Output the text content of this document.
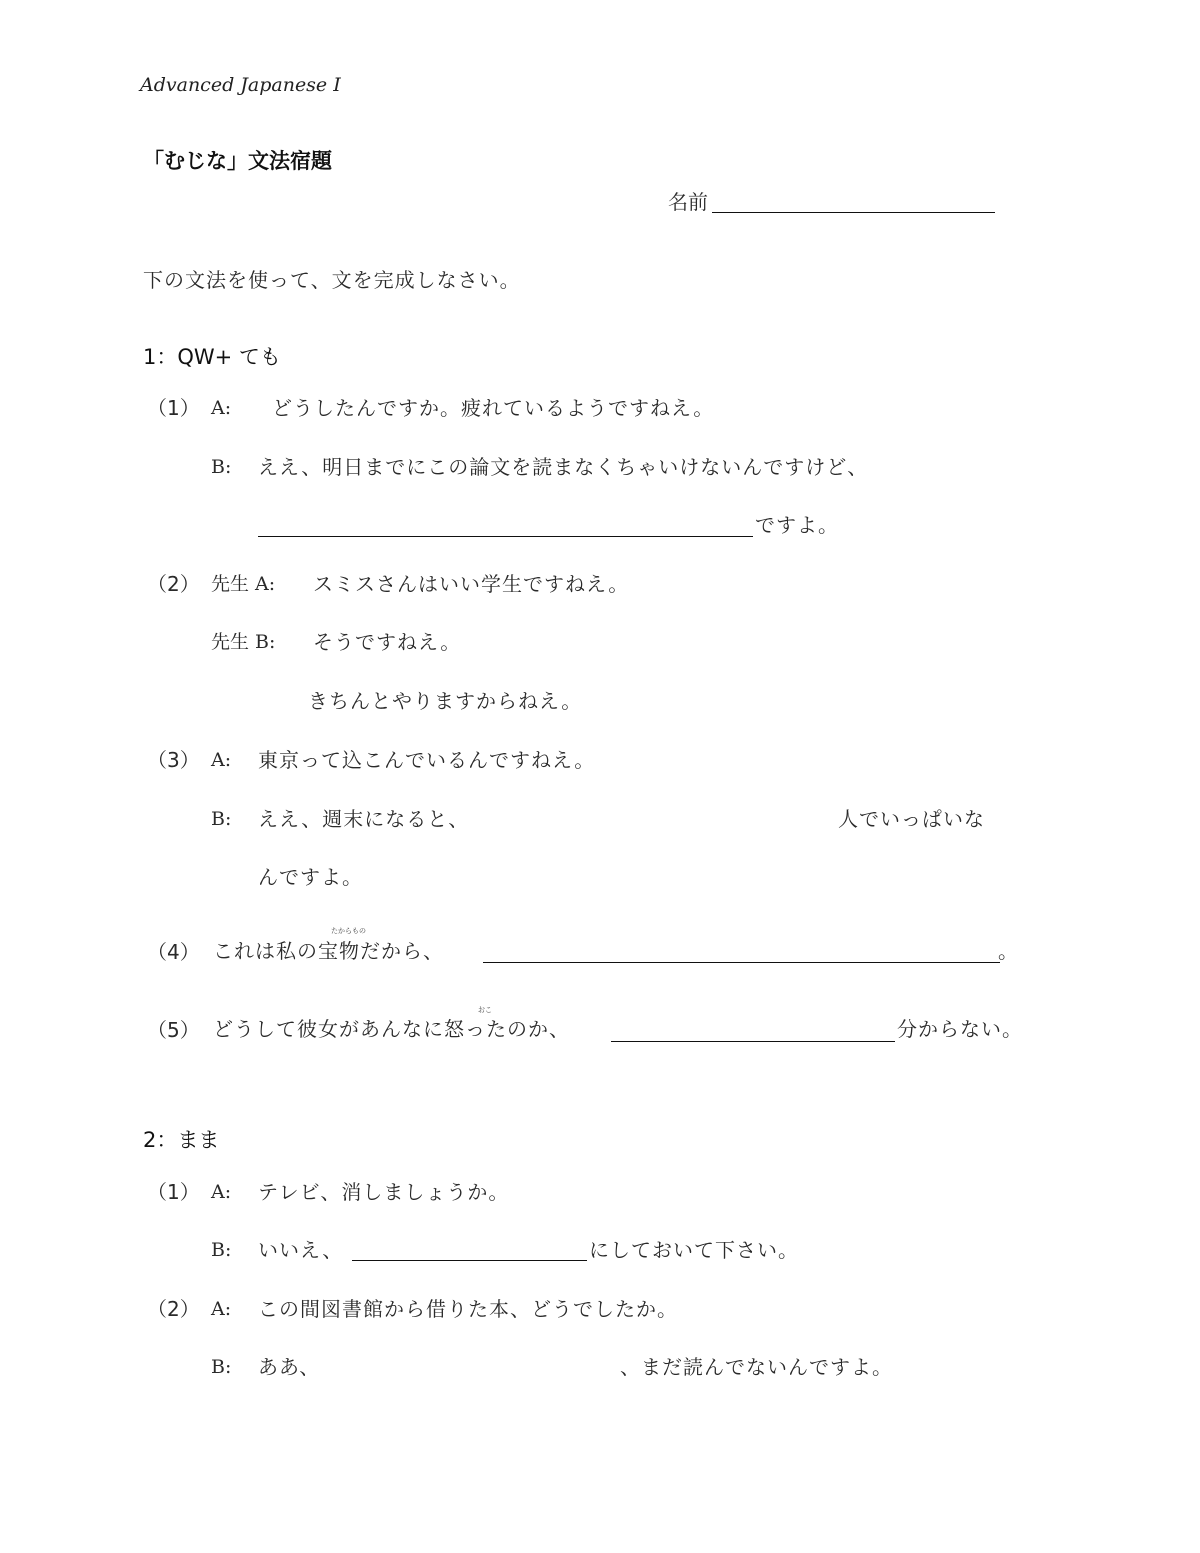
Advanced Japanese I
「むじな」文法宿題
名前
下の文法を使って、文を完成しなさい。
1：QW+ ても
（1） A: どうしたんですか。疲れているようですねえ。
B: ええ、明日までにこの論文を読まなくちゃいけないんですけど、
ですよ。
（2） 先生 A: スミスさんはいい学生ですねえ。
先生 B: そうですねえ。
きちんとやりますからねえ。
（3） A: 東京って込こんでいるんですねえ。
B: ええ、週末になると、	人でいっぱいな
んですよ。
（4）
たからもの
これは私の宝物だから、	。
（5）
おこ
どうして彼女があんなに怒ったのか、	分からない。
2：まま
（1） A: テレビ、消しましょうか。
B: いいえ、	にしておいて下さい。
（2） A: この間図書館から借りた本、どうでしたか。
B: ああ、	、まだ読んでないんですよ。
